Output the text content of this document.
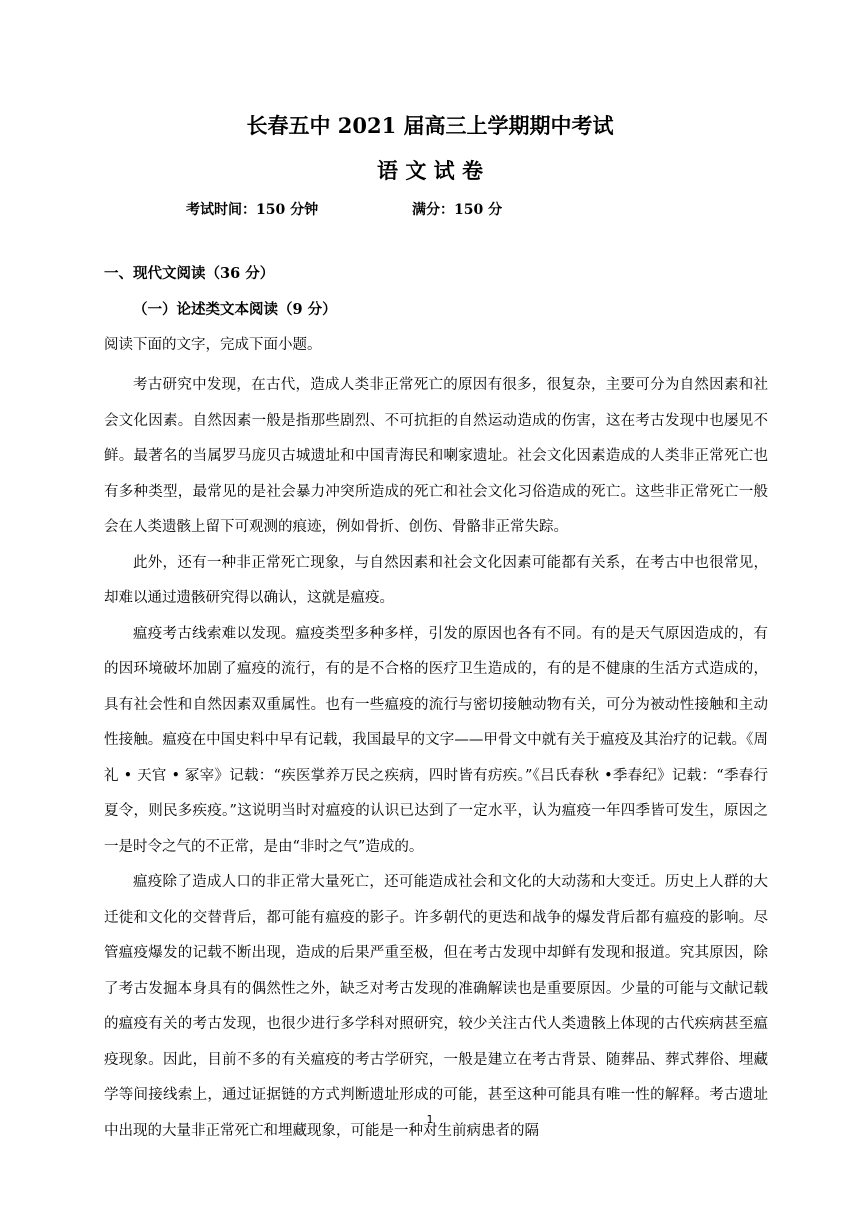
长春五中 2021 届高三上学期期中考试
语 文 试 卷
考试时间：150 分钟	满分：150 分
一、现代文阅读（36 分）
（一）论述类文本阅读（9 分）
阅读下面的文字，完成下面小题。

考古研究中发现，在古代，造成人类非正常死亡的原因有很多，很复杂，主要可分为自然因素和社会文化因素。自然因素一般是指那些剧烈、不可抗拒的自然运动造成的伤害，这在考古发现中也屡见不鲜。最著名的当属罗马庞贝古城遗址和中国青海民和喇家遗址。社会文化因素造成的人类非正常死亡也有多种类型，最常见的是社会暴力冲突所造成的死亡和社会文化习俗造成的死亡。这些非正常死亡一般会在人类遗骸上留下可观测的痕迹，例如骨折、创伤、骨骼非正常失踪。

此外，还有一种非正常死亡现象，与自然因素和社会文化因素可能都有关系，在考古中也很常见，却难以通过遗骸研究得以确认，这就是瘟疫。

瘟疫考古线索难以发现。瘟疫类型多种多样，引发的原因也各有不同。有的是天气原因造成的，有的因环境破坏加剧了瘟疫的流行，有的是不合格的医疗卫生造成的，有的是不健康的生活方式造成的，具有社会性和自然因素双重属性。也有一些瘟疫的流行与密切接触动物有关，可分为被动性接触和主动性接触。瘟疫在中国史料中早有记载，我国最早的文字——甲骨文中就有关于瘟疫及其治疗的记载。《周礼 • 天官 • 冢宰》记载：“疾医掌养万民之疾病，四时皆有疠疾。”《吕氏春秋 •季春纪》记载：“季春行夏令，则民多疾疫。”这说明当时对瘟疫的认识已达到了一定水平，认为瘟疫一年四季皆可发生，原因之一是时令之气的不正常，是由“非时之气”造成的。

瘟疫除了造成人口的非正常大量死亡，还可能造成社会和文化的大动荡和大变迁。历史上人群的大迁徙和文化的交替背后，都可能有瘟疫的影子。许多朝代的更迭和战争的爆发背后都有瘟疫的影响。尽管瘟疫爆发的记载不断出现，造成的后果严重至极，但在考古发现中却鲜有发现和报道。究其原因，除了考古发掘本身具有的偶然性之外，缺乏对考古发现的准确解读也是重要原因。少量的可能与文献记载的瘟疫有关的考古发现，也很少进行多学科对照研究，较少关注古代人类遗骸上体现的古代疾病甚至瘟疫现象。因此，目前不多的有关瘟疫的考古学研究，一般是建立在考古背景、随葬品、葬式葬俗、埋藏学等间接线索上，通过证据链的方式判断遗址形成的可能，甚至这种可能具有唯一性的解释。考古遗址中出现的大量非正常死亡和埋藏现象，可能是一种对生前病患者的隔

1
